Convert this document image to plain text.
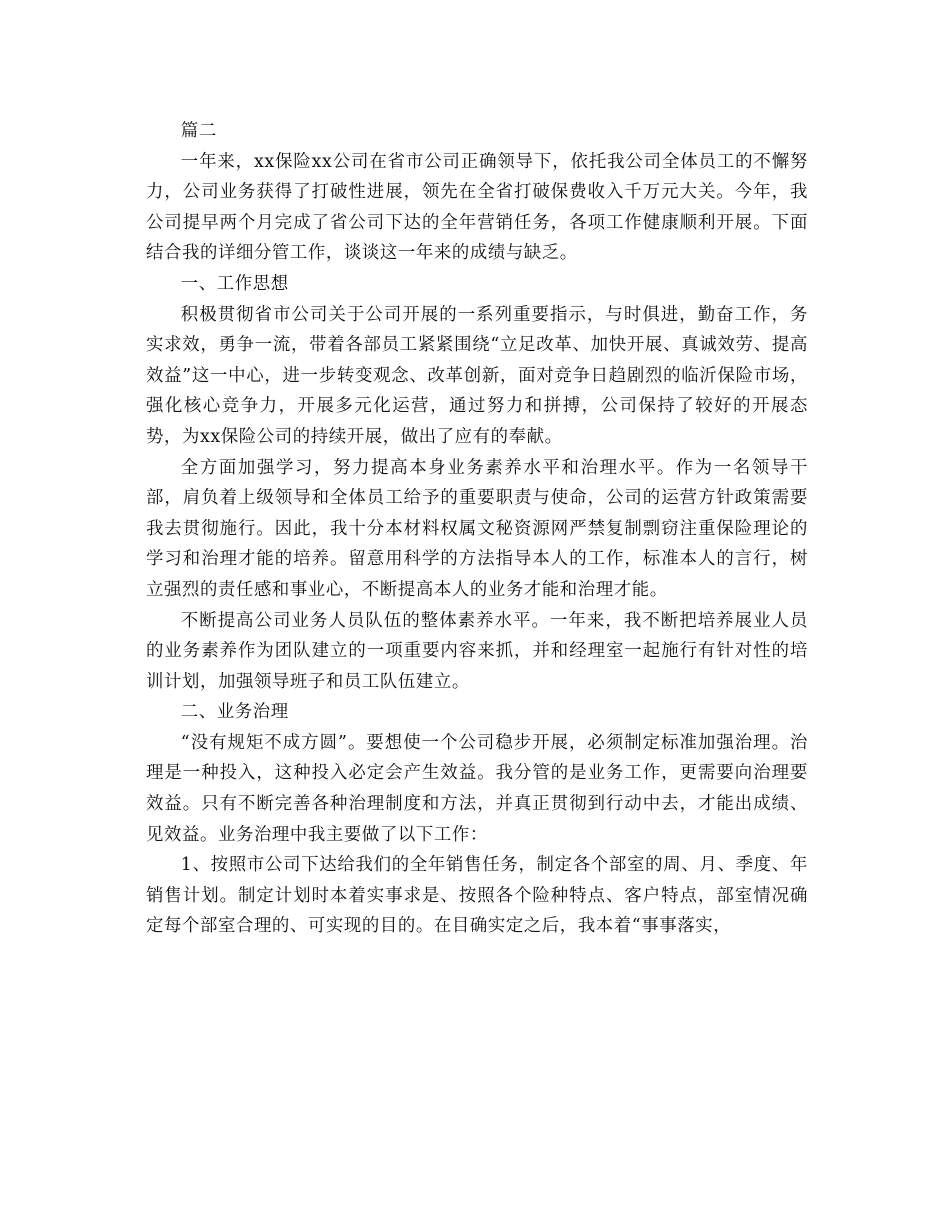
篇二

一年来，xx保险xx公司在省市公司正确领导下，依托我公司全体员工的不懈努力，公司业务获得了打破性进展，领先在全省打破保费收入千万元大关。今年，我公司提早两个月完成了省公司下达的全年营销任务，各项工作健康顺利开展。下面结合我的详细分管工作，谈谈这一年来的成绩与缺乏。

一、工作思想

积极贯彻省市公司关于公司开展的一系列重要指示，与时俱进，勤奋工作，务实求效，勇争一流，带着各部员工紧紧围绕“立足改革、加快开展、真诚效劳、提高效益”这一中心，进一步转变观念、改革创新，面对竞争日趋剧烈的临沂保险市场，强化核心竞争力，开展多元化运营，通过努力和拼搏，公司保持了较好的开展态势，为xx保险公司的持续开展，做出了应有的奉献。

全方面加强学习，努力提高本身业务素养水平和治理水平。作为一名领导干部，肩负着上级领导和全体员工给予的重要职责与使命，公司的运营方针政策需要我去贯彻施行。因此，我十分本材料权属文秘资源网严禁复制剽窃注重保险理论的学习和治理才能的培养。留意用科学的方法指导本人的工作，标准本人的言行，树立强烈的责任感和事业心，不断提高本人的业务才能和治理才能。

不断提高公司业务人员队伍的整体素养水平。一年来，我不断把培养展业人员的业务素养作为团队建立的一项重要内容来抓，并和经理室一起施行有针对性的培训计划，加强领导班子和员工队伍建立。

二、业务治理

“没有规矩不成方圆”。要想使一个公司稳步开展，必须制定标准加强治理。治理是一种投入，这种投入必定会产生效益。我分管的是业务工作，更需要向治理要效益。只有不断完善各种治理制度和方法，并真正贯彻到行动中去，才能出成绩、见效益。业务治理中我主要做了以下工作：

1、按照市公司下达给我们的全年销售任务，制定各个部室的周、月、季度、年销售计划。制定计划时本着实事求是、按照各个险种特点、客户特点，部室情况确定每个部室合理的、可实现的目的。在目确实定之后，我本着“事事落实，
